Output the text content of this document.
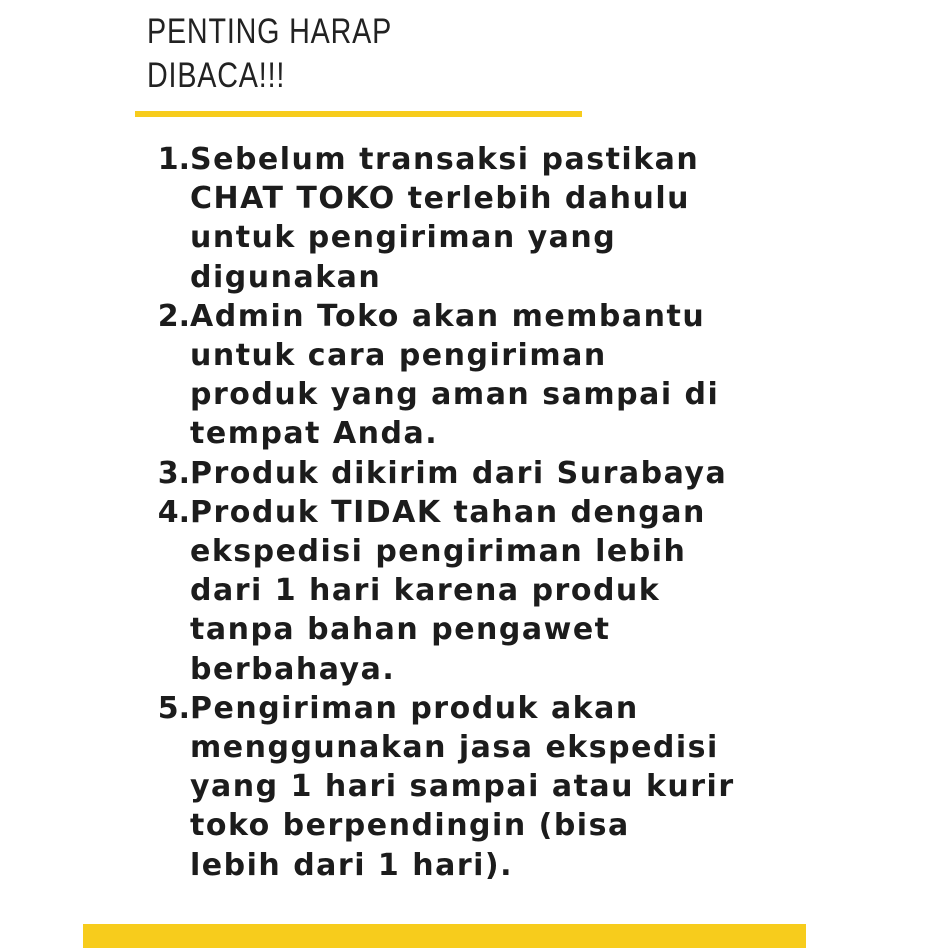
PENTING HARAP
DIBACA!!!
1. Sebelum transaksi pastikan
CHAT TOKO terlebih dahulu
untuk pengiriman yang
digunakan
2. Admin Toko akan membantu
untuk cara pengiriman
produk yang aman sampai di
tempat Anda.
3. Produk dikirim dari Surabaya
4. Produk TIDAK tahan dengan
ekspedisi pengiriman lebih
dari 1 hari karena produk
tanpa bahan pengawet
berbahaya.
5. Pengiriman produk akan
menggunakan jasa ekspedisi
yang 1 hari sampai atau kurir
toko berpendingin (bisa
lebih dari 1 hari).
